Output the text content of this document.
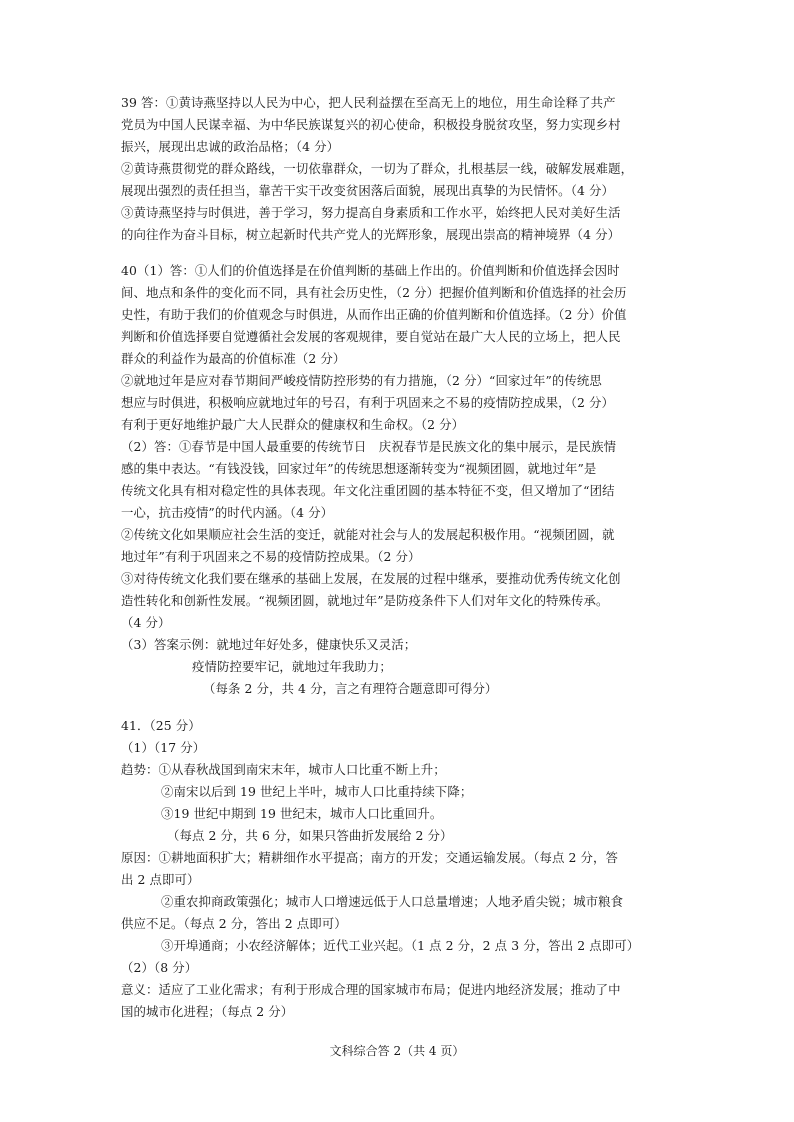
39 答：①黄诗燕坚持以人民为中心，把人民利益摆在至高无上的地位，用生命诠释了共产
党员为中国人民谋幸福、为中华民族谋复兴的初心使命，积极投身脱贫攻坚，努力实现乡村
振兴，展现出忠诚的政治品格；（4 分）
②黄诗燕贯彻党的群众路线，一切依靠群众，一切为了群众，扎根基层一线，破解发展难题，
展现出强烈的责任担当，靠苦干实干改变贫困落后面貌，展现出真挚的为民情怀。（4 分）
③黄诗燕坚持与时俱进，善于学习，努力提高自身素质和工作水平，始终把人民对美好生活
的向往作为奋斗目标，树立起新时代共产党人的光辉形象，展现出崇高的精神境界（4 分）
40（1）答：①人们的价值选择是在价值判断的基础上作出的。价值判断和价值选择会因时
间、地点和条件的变化而不同，具有社会历史性，（2 分）把握价值判断和价值选择的社会历
史性，有助于我们的价值观念与时俱进，从而作出正确的价值判断和价值选择。（2 分）价值
判断和价值选择要自觉遵循社会发展的客观规律，要自觉站在最广大人民的立场上，把人民
群众的利益作为最高的价值标准（2 分）
②就地过年是应对春节期间严峻疫情防控形势的有力措施，（2 分）“回家过年”的传统思
想应与时俱进，积极响应就地过年的号召，有利于巩固来之不易的疫情防控成果，（2 分）
有利于更好地维护最广大人民群众的健康权和生命权。（2 分）
（2）答：①春节是中国人最重要的传统节日　庆祝春节是民族文化的集中展示，是民族情
感的集中表达。“有钱没钱，回家过年”的传统思想逐渐转变为“视频团圆，就地过年”是
传统文化具有相对稳定性的具体表现。年文化注重团圆的基本特征不变，但又增加了“团结
一心，抗击疫情”的时代内涵。（4 分）
②传统文化如果顺应社会生活的变迁，就能对社会与人的发展起积极作用。“视频团圆，就
地过年”有利于巩固来之不易的疫情防控成果。（2 分）
③对待传统文化我们要在继承的基础上发展，在发展的过程中继承，要推动优秀传统文化创
造性转化和创新性发展。“视频团圆，就地过年”是防疫条件下人们对年文化的特殊传承。
（4 分）
（3）答案示例：就地过年好处多，健康快乐又灵活；
疫情防控要牢记，就地过年我助力；
（每条 2 分，共 4 分，言之有理符合题意即可得分）
41．（25 分）
（1）（17 分）
趋势：①从春秋战国到南宋末年，城市人口比重不断上升；
②南宋以后到 19 世纪上半叶，城市人口比重持续下降；
③19 世纪中期到 19 世纪末，城市人口比重回升。
（每点 2 分，共 6 分，如果只答曲折发展给 2 分）
原因：①耕地面积扩大；精耕细作水平提高；南方的开发；交通运输发展。（每点 2 分，答
出 2 点即可）
②重农抑商政策强化；城市人口增速远低于人口总量增速；人地矛盾尖锐；城市粮食
供应不足。（每点 2 分，答出 2 点即可）
③开埠通商；小农经济解体；近代工业兴起。（1 点 2 分，2 点 3 分，答出 2 点即可）
（2）（8 分）
意义：适应了工业化需求；有利于形成合理的国家城市布局；促进内地经济发展；推动了中
国的城市化进程；（每点 2 分）
文科综合答 2（共 4 页）
